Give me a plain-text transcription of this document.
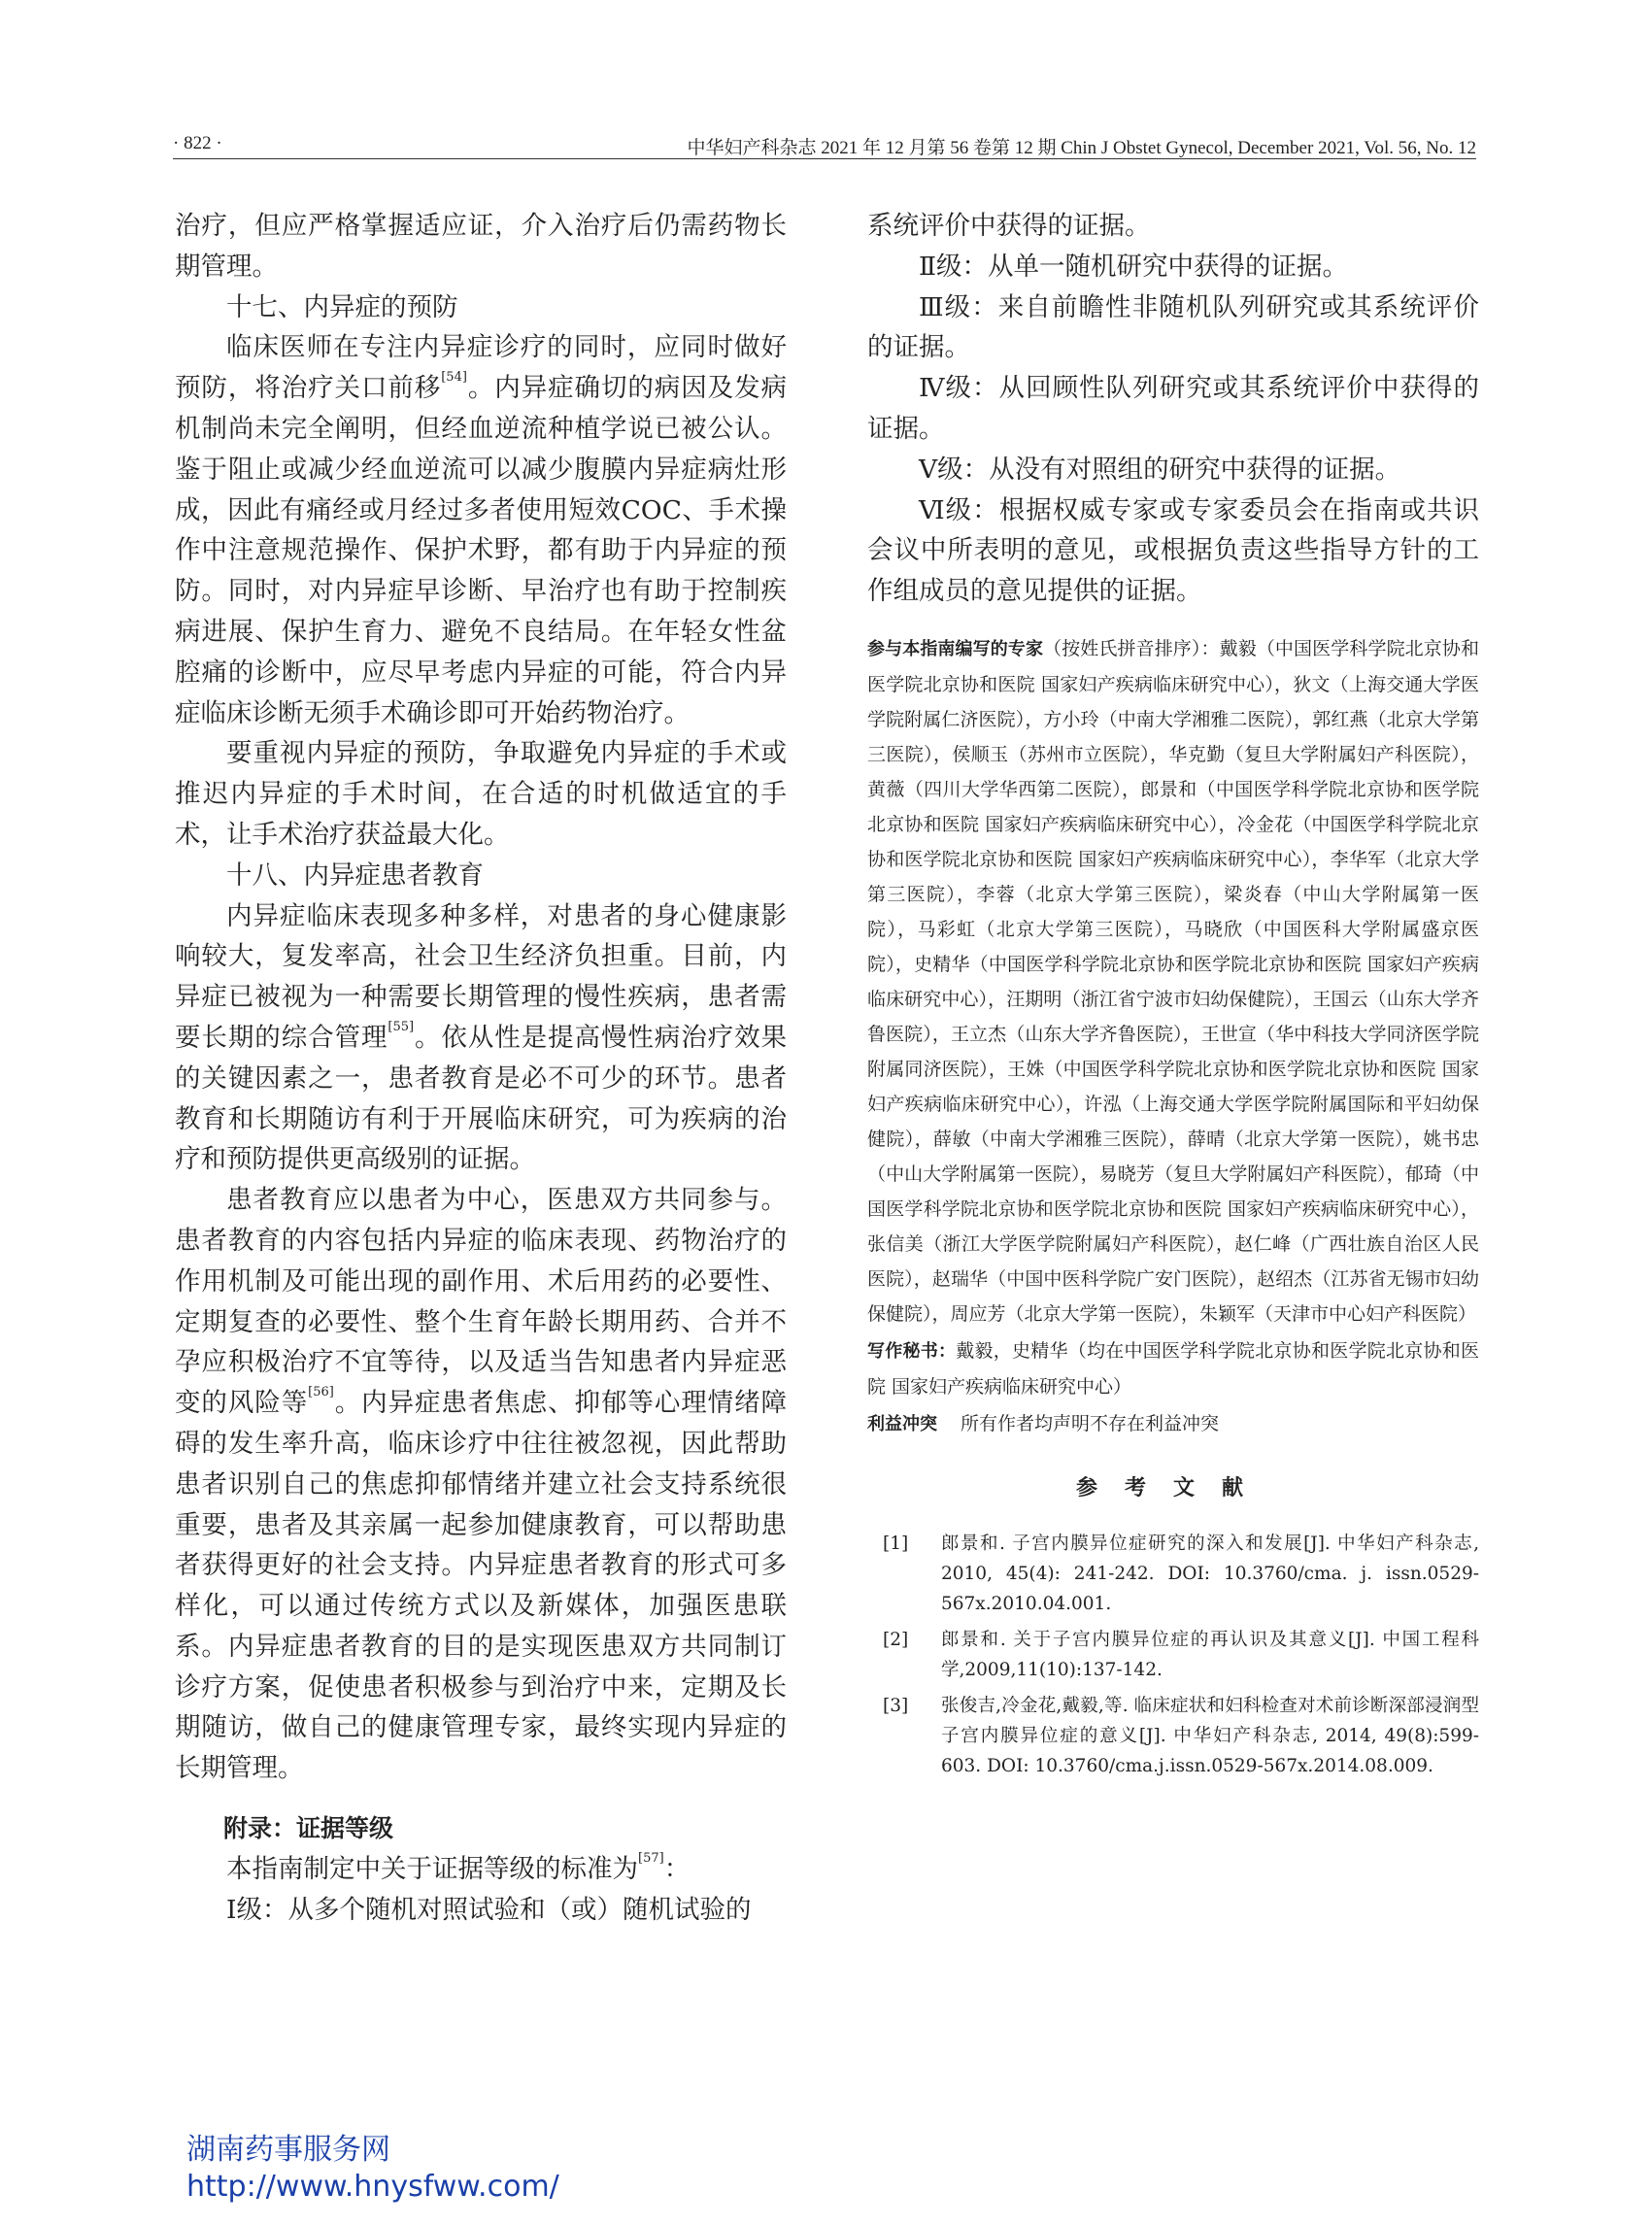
· 822 ·	中华妇产科杂志 2021 年 12 月第 56 卷第 12 期 Chin J Obstet Gynecol, December 2021, Vol. 56, No. 12

治疗，但应严格掌握适应证，介入治疗后仍需药物长期管理。

十七、内异症的预防

临床医师在专注内异症诊疗的同时，应同时做好预防，将治疗关口前移[54]。内异症确切的病因及发病机制尚未完全阐明，但经血逆流种植学说已被公认。鉴于阻止或减少经血逆流可以减少腹膜内异症病灶形成，因此有痛经或月经过多者使用短效COC、手术操作中注意规范操作、保护术野，都有助于内异症的预防。同时，对内异症早诊断、早治疗也有助于控制疾病进展、保护生育力、避免不良结局。在年轻女性盆腔痛的诊断中，应尽早考虑内异症的可能，符合内异症临床诊断无须手术确诊即可开始药物治疗。

要重视内异症的预防，争取避免内异症的手术或推迟内异症的手术时间，在合适的时机做适宜的手术，让手术治疗获益最大化。

十八、内异症患者教育

内异症临床表现多种多样，对患者的身心健康影响较大，复发率高，社会卫生经济负担重。目前，内异症已被视为一种需要长期管理的慢性疾病，患者需要长期的综合管理[55]。依从性是提高慢性病治疗效果的关键因素之一，患者教育是必不可少的环节。患者教育和长期随访有利于开展临床研究，可为疾病的治疗和预防提供更高级别的证据。

患者教育应以患者为中心，医患双方共同参与。患者教育的内容包括内异症的临床表现、药物治疗的作用机制及可能出现的副作用、术后用药的必要性、定期复查的必要性、整个生育年龄长期用药、合并不孕应积极治疗不宜等待，以及适当告知患者内异症恶变的风险等[56]。内异症患者焦虑、抑郁等心理情绪障碍的发生率升高，临床诊疗中往往被忽视，因此帮助患者识别自己的焦虑抑郁情绪并建立社会支持系统很重要，患者及其亲属一起参加健康教育，可以帮助患者获得更好的社会支持。内异症患者教育的形式可多样化，可以通过传统方式以及新媒体，加强医患联系。内异症患者教育的目的是实现医患双方共同制订诊疗方案，促使患者积极参与到治疗中来，定期及长期随访，做自己的健康管理专家，最终实现内异症的长期管理。

附录：证据等级

本指南制定中关于证据等级的标准为[57]：

Ⅰ级：从多个随机对照试验和（或）随机试验的

系统评价中获得的证据。

Ⅱ级：从单一随机研究中获得的证据。

Ⅲ级：来自前瞻性非随机队列研究或其系统评价的证据。

Ⅳ级：从回顾性队列研究或其系统评价中获得的证据。

Ⅴ级：从没有对照组的研究中获得的证据。

Ⅵ级：根据权威专家或专家委员会在指南或共识会议中所表明的意见，或根据负责这些指导方针的工作组成员的意见提供的证据。

参与本指南编写的专家（按姓氏拼音排序）：戴毅（中国医学科学院北京协和医学院北京协和医院 国家妇产疾病临床研究中心），狄文（上海交通大学医学院附属仁济医院），方小玲（中南大学湘雅二医院），郭红燕（北京大学第三医院），侯顺玉（苏州市立医院），华克勤（复旦大学附属妇产科医院），黄薇（四川大学华西第二医院），郎景和（中国医学科学院北京协和医学院北京协和医院 国家妇产疾病临床研究中心），冷金花（中国医学科学院北京协和医学院北京协和医院 国家妇产疾病临床研究中心），李华军（北京大学第三医院），李蓉（北京大学第三医院），梁炎春（中山大学附属第一医院），马彩虹（北京大学第三医院），马晓欣（中国医科大学附属盛京医院），史精华（中国医学科学院北京协和医学院北京协和医院 国家妇产疾病临床研究中心），汪期明（浙江省宁波市妇幼保健院），王国云（山东大学齐鲁医院），王立杰（山东大学齐鲁医院），王世宣（华中科技大学同济医学院附属同济医院），王姝（中国医学科学院北京协和医学院北京协和医院 国家妇产疾病临床研究中心），许泓（上海交通大学医学院附属国际和平妇幼保健院），薛敏（中南大学湘雅三医院），薛晴（北京大学第一医院），姚书忠（中山大学附属第一医院），易晓芳（复旦大学附属妇产科医院），郁琦（中国医学科学院北京协和医学院北京协和医院 国家妇产疾病临床研究中心），张信美（浙江大学医学院附属妇产科医院），赵仁峰（广西壮族自治区人民医院），赵瑞华（中国中医科学院广安门医院），赵绍杰（江苏省无锡市妇幼保健院），周应芳（北京大学第一医院），朱颖军（天津市中心妇产科医院）

写作秘书：戴毅，史精华（均在中国医学科学院北京协和医学院北京协和医院 国家妇产疾病临床研究中心）

利益冲突 所有作者均声明不存在利益冲突

参考文献
[1]	郎景和. 子宫内膜异位症研究的深入和发展[J]. 中华妇产科杂志, 2010, 45(4): 241-242. DOI: 10.3760/cma. j. issn.0529-567x.2010.04.001.
[2]	郎景和. 关于子宫内膜异位症的再认识及其意义[J]. 中国工程科学,2009,11(10):137-142.
[3]	张俊吉,冷金花,戴毅,等. 临床症状和妇科检查对术前诊断深部浸润型子宫内膜异位症的意义[J]. 中华妇产科杂志, 2014, 49(8):599-603. DOI: 10.3760/cma.j.issn.0529-567x.2014.08.009.
湖南药事服务网
http://www.hnysfww.com/
